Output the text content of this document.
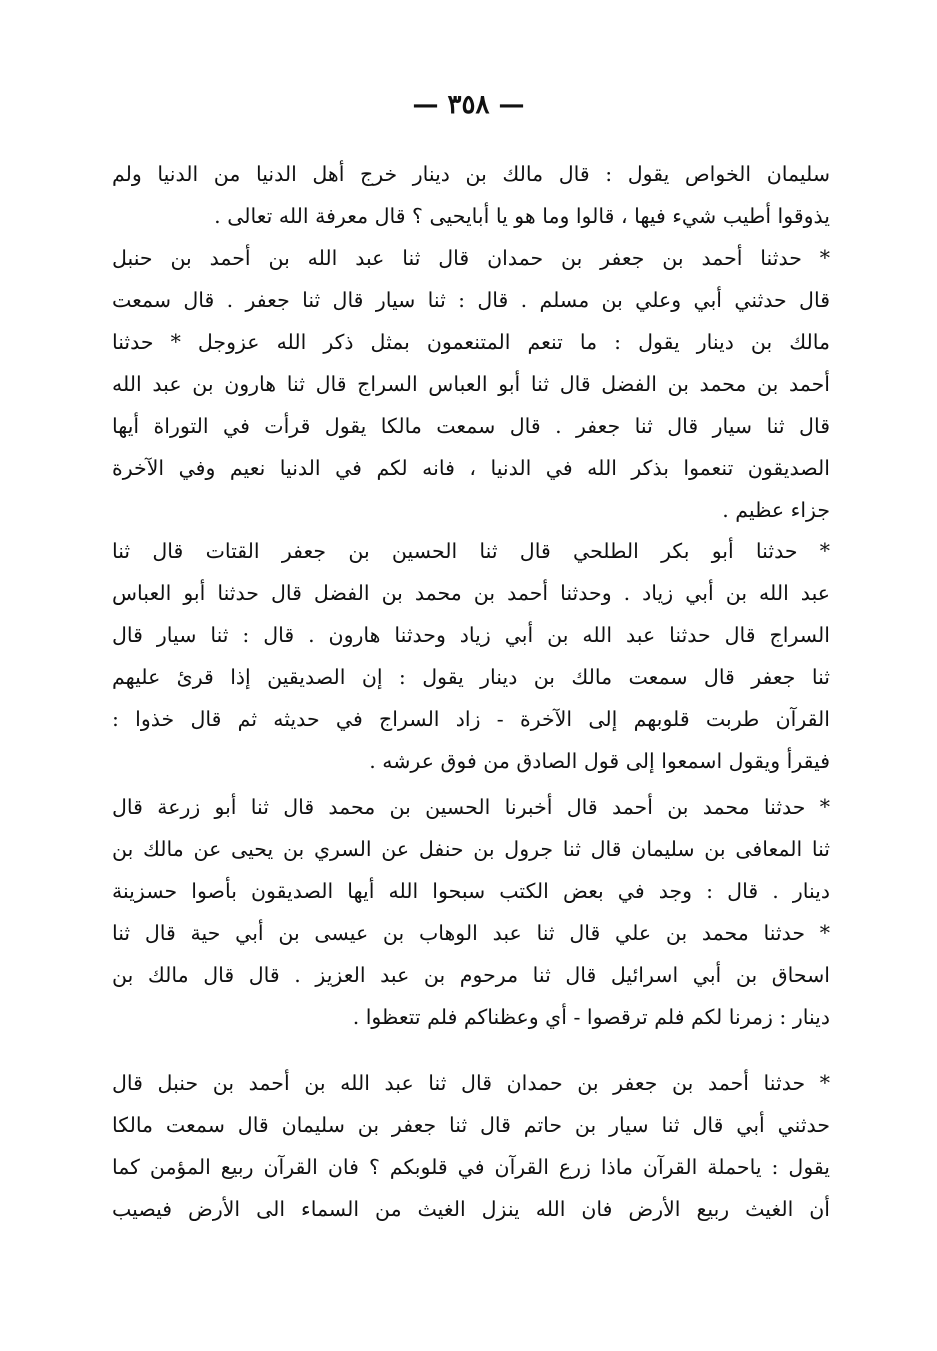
— ٣٥٨ —
سليمان الخواص يقول : قال مالك بن دينار خرج أهل الدنيا من الدنيا ولم
يذوقوا أطيب شيء فيها ، قالوا وما هو يا أبايحيى ؟ قال معرفة الله تعالى .
* حدثنا أحمد بن جعفر بن حمدان قال ثنا عبد الله بن أحمد بن حنبل
قال حدثني أبي وعلي بن مسلم . قال : ثنا سيار قال ثنا جعفر . قال سمعت
مالك بن دينار يقول : ما تنعم المتنعمون بمثل ذكر الله عزوجل * حدثنا
أحمد بن محمد بن الفضل قال ثنا أبو العباس السراج قال ثنا هارون بن عبد الله
قال ثنا سيار قال ثنا جعفر . قال سمعت مالكا يقول قرأت في التوراة أيها
الصديقون تنعموا بذكر الله في الدنيا ، فانه لكم في الدنيا نعيم وفي الآخرة
جزاء عظيم .
* حدثنا أبو بكر الطلحي قال ثنا الحسين بن جعفر القتات قال ثنا
عبد الله بن أبي زياد . وحدثنا أحمد بن محمد بن الفضل قال حدثنا أبو العباس
السراج قال حدثنا عبد الله بن أبي زياد وحدثنا هارون . قال : ثنا سيار قال
ثنا جعفر قال سمعت مالك بن دينار يقول : إن الصديقين إذا قرئ عليهم
القرآن طربت قلوبهم إلى الآخرة - زاد السراج في حديثه ثم قال خذوا :
فيقرأ ويقول اسمعوا إلى قول الصادق من فوق عرشه .
* حدثنا محمد بن أحمد قال أخبرنا الحسين بن محمد قال ثنا أبو زرعة قال
ثنا المعافى بن سليمان قال ثنا جرول بن حنفل عن السري بن يحيى عن مالك بن
دينار . قال : وجد في بعض الكتب سبحوا الله أيها الصديقون بأصوا حسزينة
* حدثنا محمد بن علي قال ثنا عبد الوهاب بن عيسى بن أبي حية قال ثنا
اسحاق بن أبي اسرائيل قال ثنا مرحوم بن عبد العزيز . قال قال مالك بن
دينار : زمرنا لكم فلم ترقصوا - أي وعظناكم فلم تتعظوا .
* حدثنا أحمد بن جعفر بن حمدان قال ثنا عبد الله بن أحمد بن حنبل قال
حدثني أبي قال ثنا سيار بن حاتم قال ثنا جعفر بن سليمان قال سمعت مالكا
يقول : ياحملة القرآن ماذا زرع القرآن في قلوبكم ؟ فان القرآن ربيع المؤمن كما
أن الغيث ربيع الأرض فان الله ينزل الغيث من السماء الى الأرض فيصيب
